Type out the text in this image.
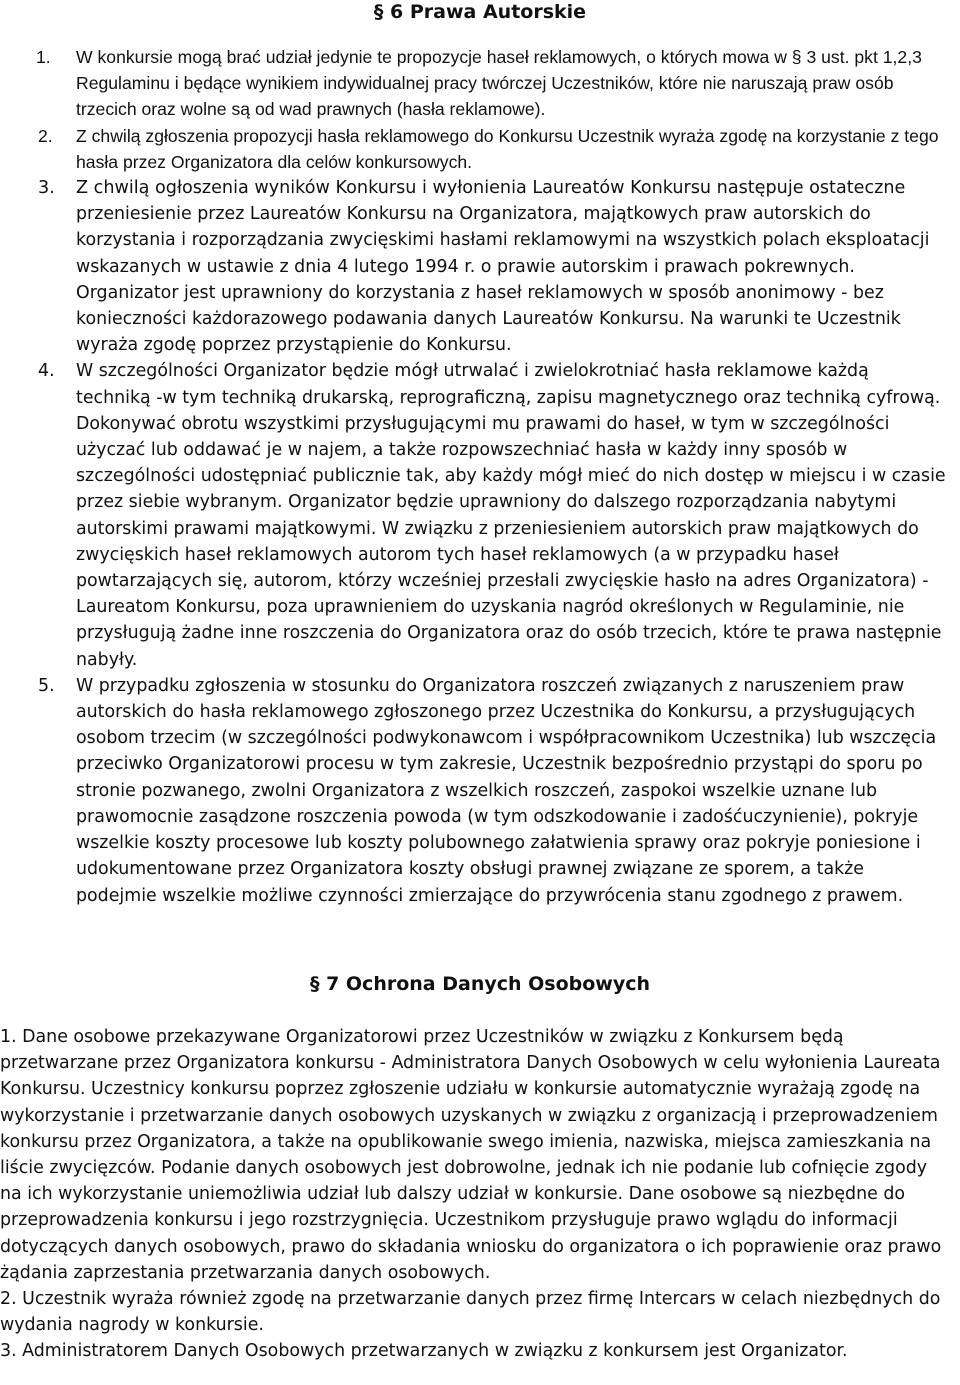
§ 6 Prawa Autorskie
1. W konkursie mogą brać udział jedynie te propozycje haseł reklamowych, o których mowa w § 3 ust. pkt 1,2,3 Regulaminu i będące wynikiem indywidualnej pracy twórczej Uczestników, które nie naruszają praw osób trzecich oraz wolne są od wad prawnych (hasła reklamowe).
2. Z chwilą zgłoszenia propozycji hasła reklamowego do Konkursu Uczestnik wyraża zgodę na korzystanie z tego hasła przez Organizatora dla celów konkursowych.
3. Z chwilą ogłoszenia wyników Konkursu i wyłonienia Laureatów Konkursu następuje ostateczne przeniesienie przez Laureatów Konkursu na Organizatora, majątkowych praw autorskich do korzystania i rozporządzania zwycięskimi hasłami reklamowymi na wszystkich polach eksploatacji wskazanych w ustawie z dnia 4 lutego 1994 r. o prawie autorskim i prawach pokrewnych. Organizator jest uprawniony do korzystania z haseł reklamowych w sposób anonimowy - bez konieczności każdorazowego podawania danych Laureatów Konkursu. Na warunki te Uczestnik wyraża zgodę poprzez przystąpienie do Konkursu.
4. W szczególności Organizator będzie mógł utrwalać i zwielokrotniać hasła reklamowe każdą techniką -w tym techniką drukarską, reprograficzną, zapisu magnetycznego oraz techniką cyfrową. Dokonywać obrotu wszystkimi przysługującymi mu prawami do haseł, w tym w szczególności użyczać lub oddawać je w najem, a także rozpowszechniać hasła w każdy inny sposób w szczególności udostępniać publicznie tak, aby każdy mógł mieć do nich dostęp w miejscu i w czasie przez siebie wybranym. Organizator będzie uprawniony do dalszego rozporządzania nabytymi autorskimi prawami majątkowymi. W związku z przeniesieniem autorskich praw majątkowych do zwycięskich haseł reklamowych autorom tych haseł reklamowych (a w przypadku haseł powtarzających się, autorom, którzy wcześniej przesłali zwycięskie hasło na adres Organizatora) - Laureatom Konkursu, poza uprawnieniem do uzyskania nagród określonych w Regulaminie, nie przysługują żadne inne roszczenia do Organizatora oraz do osób trzecich, które te prawa następnie nabyły.
5. W przypadku zgłoszenia w stosunku do Organizatora roszczeń związanych z naruszeniem praw autorskich do hasła reklamowego zgłoszonego przez Uczestnika do Konkursu, a przysługujących osobom trzecim (w szczególności podwykonawcom i współpracownikom Uczestnika) lub wszczęcia przeciwko Organizatorowi procesu w tym zakresie, Uczestnik bezpośrednio przystąpi do sporu po stronie pozwanego, zwolni Organizatora z wszelkich roszczeń, zaspokoi wszelkie uznane lub prawomocnie zasądzone roszczenia powoda (w tym odszkodowanie i zadośćuczynienie), pokryje wszelkie koszty procesowe lub koszty polubownego załatwienia sprawy oraz pokryje poniesione i udokumentowane przez Organizatora koszty obsługi prawnej związane ze sporem, a także podejmie wszelkie możliwe czynności zmierzające do przywrócenia stanu zgodnego z prawem.
§ 7 Ochrona Danych Osobowych

1. Dane osobowe przekazywane Organizatorowi przez Uczestników w związku z Konkursem będą przetwarzane przez Organizatora konkursu - Administratora Danych Osobowych w celu wyłonienia Laureata Konkursu. Uczestnicy konkursu poprzez zgłoszenie udziału w konkursie automatycznie wyrażają zgodę na wykorzystanie i przetwarzanie danych osobowych uzyskanych w związku z organizacją i przeprowadzeniem konkursu przez Organizatora, a także na opublikowanie swego imienia, nazwiska, miejsca zamieszkania na liście zwycięzców. Podanie danych osobowych jest dobrowolne, jednak ich nie podanie lub cofnięcie zgody na ich wykorzystanie uniemożliwia udział lub dalszy udział w konkursie. Dane osobowe są niezbędne do przeprowadzenia konkursu i jego rozstrzygnięcia. Uczestnikom przysługuje prawo wglądu do informacji dotyczących danych osobowych, prawo do składania wniosku do organizatora o ich poprawienie oraz prawo żądania zaprzestania przetwarzania danych osobowych.

2. Uczestnik wyraża również zgodę na przetwarzanie danych przez firmę Intercars w celach niezbędnych do wydania nagrody w konkursie.

3. Administratorem Danych Osobowych przetwarzanych w związku z konkursem jest Organizator.
